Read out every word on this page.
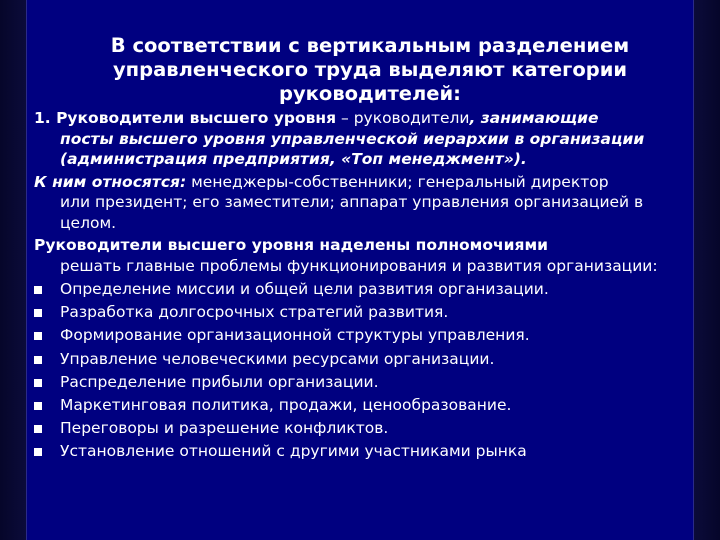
В соответствии с вертикальным разделением
управленческого труда выделяют категории
руководителей:
1. Руководители высшего уровня – руководители, занимающие
посты высшего уровня управленческой иерархии в организации (администрация предприятия, «Топ менеджмент»).
К ним относятся: менеджеры-собственники; генеральный директор
или президент; его заместители; аппарат управления организацией в целом.
Руководители высшего уровня наделены полномочиями
решать главные проблемы функционирования и развития организации:
Определение миссии и общей цели развития организации.
Разработка долгосрочных стратегий развития.
Формирование организационной структуры управления.
Управление человеческими ресурсами организации.
Распределение прибыли организации.
Маркетинговая политика, продажи, ценообразование.
Переговоры и разрешение конфликтов.
Установление отношений с другими участниками рынка
